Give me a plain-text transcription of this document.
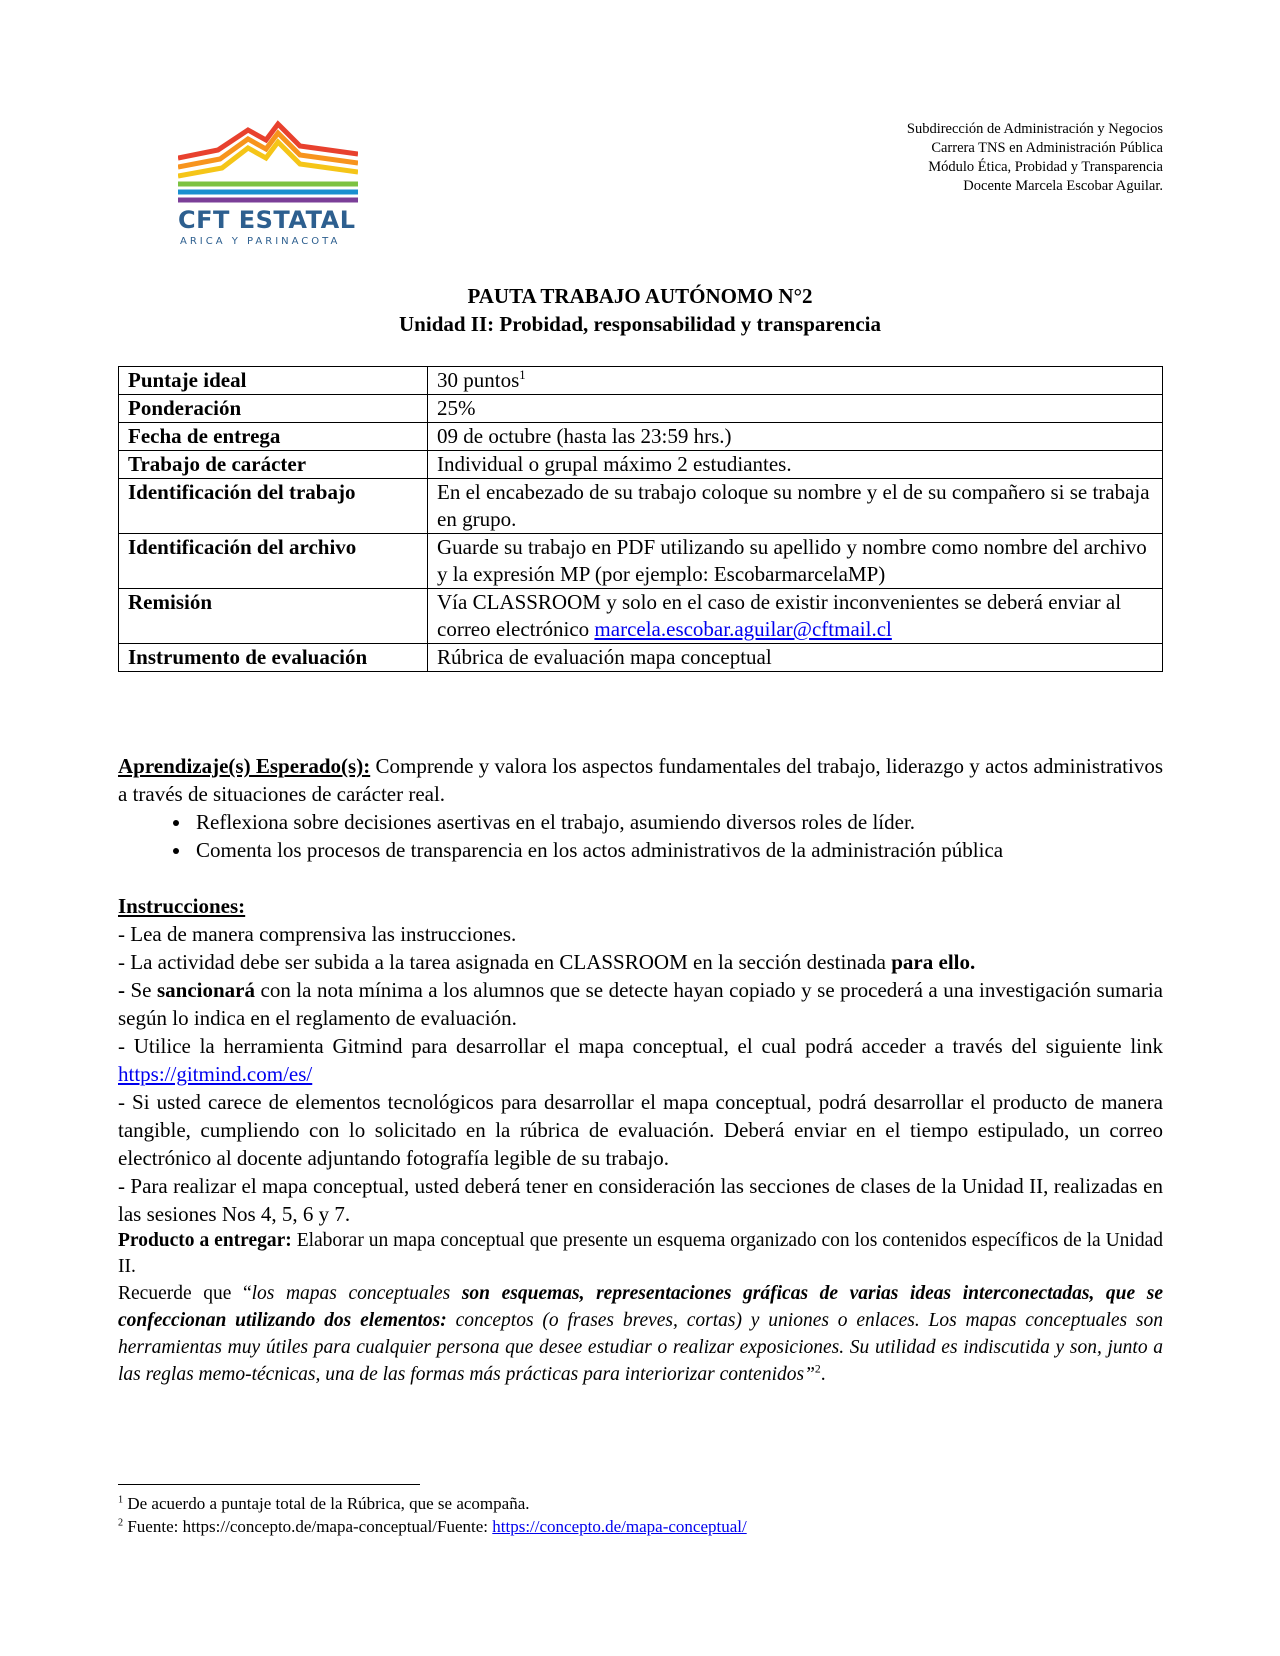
CFT ESTATAL
ARICA Y PARINACOTA
Subdirección de Administración y Negocios
Carrera TNS en Administración Pública
Módulo Ética, Probidad y Transparencia
Docente Marcela Escobar Aguilar.
PAUTA TRABAJO AUTÓNOMO N°2
Unidad II: Probidad, responsabilidad y transparencia
Puntaje ideal	30 puntos$^1$
Ponderación	25%
Fecha de entrega	09 de octubre (hasta las 23:59 hrs.)
Trabajo de carácter	Individual o grupal máximo 2 estudiantes.
Identificación del trabajo	En el encabezado de su trabajo coloque su nombre y el de su compañero si se trabaja en grupo.
Identificación del archivo	Guarde su trabajo en PDF utilizando su apellido y nombre como nombre del archivo y la expresión MP (por ejemplo: EscobarmarcelaMP)
Remisión	Vía CLASSROOM y solo en el caso de existir inconvenientes se deberá enviar al correo electrónico marcela.escobar.aguilar@cftmail.cl
Instrumento de evaluación	Rúbrica de evaluación mapa conceptual

Aprendizaje(s) Esperado(s): Comprende y valora los aspectos fundamentales del trabajo, liderazgo y actos administrativos a través de situaciones de carácter real.

• Reflexiona sobre decisiones asertivas en el trabajo, asumiendo diversos roles de líder.
• Comenta los procesos de transparencia en los actos administrativos de la administración pública

Instrucciones:

- Lea de manera comprensiva las instrucciones.

- La actividad debe ser subida a la tarea asignada en CLASSROOM en la sección destinada para ello.

- Se sancionará con la nota mínima a los alumnos que se detecte hayan copiado y se procederá a una investigación sumaria según lo indica en el reglamento de evaluación.

- Utilice la herramienta Gitmind para desarrollar el mapa conceptual, el cual podrá acceder a través del siguiente link https://gitmind.com/es/

- Si usted carece de elementos tecnológicos para desarrollar el mapa conceptual, podrá desarrollar el producto de manera tangible, cumpliendo con lo solicitado en la rúbrica de evaluación. Deberá enviar en el tiempo estipulado, un correo electrónico al docente adjuntando fotografía legible de su trabajo.

- Para realizar el mapa conceptual, usted deberá tener en consideración las secciones de clases de la Unidad II, realizadas en las sesiones Nos 4, 5, 6 y 7.

Producto a entregar: Elaborar un mapa conceptual que presente un esquema organizado con los contenidos específicos de la Unidad II.

Recuerde que “los mapas conceptuales son esquemas, representaciones gráficas de varias ideas interconectadas, que se confeccionan utilizando dos elementos: conceptos (o frases breves, cortas) y uniones o enlaces. Los mapas conceptuales son herramientas muy útiles para cualquier persona que desee estudiar o realizar exposiciones. Su utilidad es indiscutida y son, junto a las reglas memo-técnicas, una de las formas más prácticas para interiorizar contenidos”$^2$.

$^1$ De acuerdo a puntaje total de la Rúbrica, que se acompaña.
$^2$ Fuente: https://concepto.de/mapa-conceptual/Fuente: https://concepto.de/mapa-conceptual/
